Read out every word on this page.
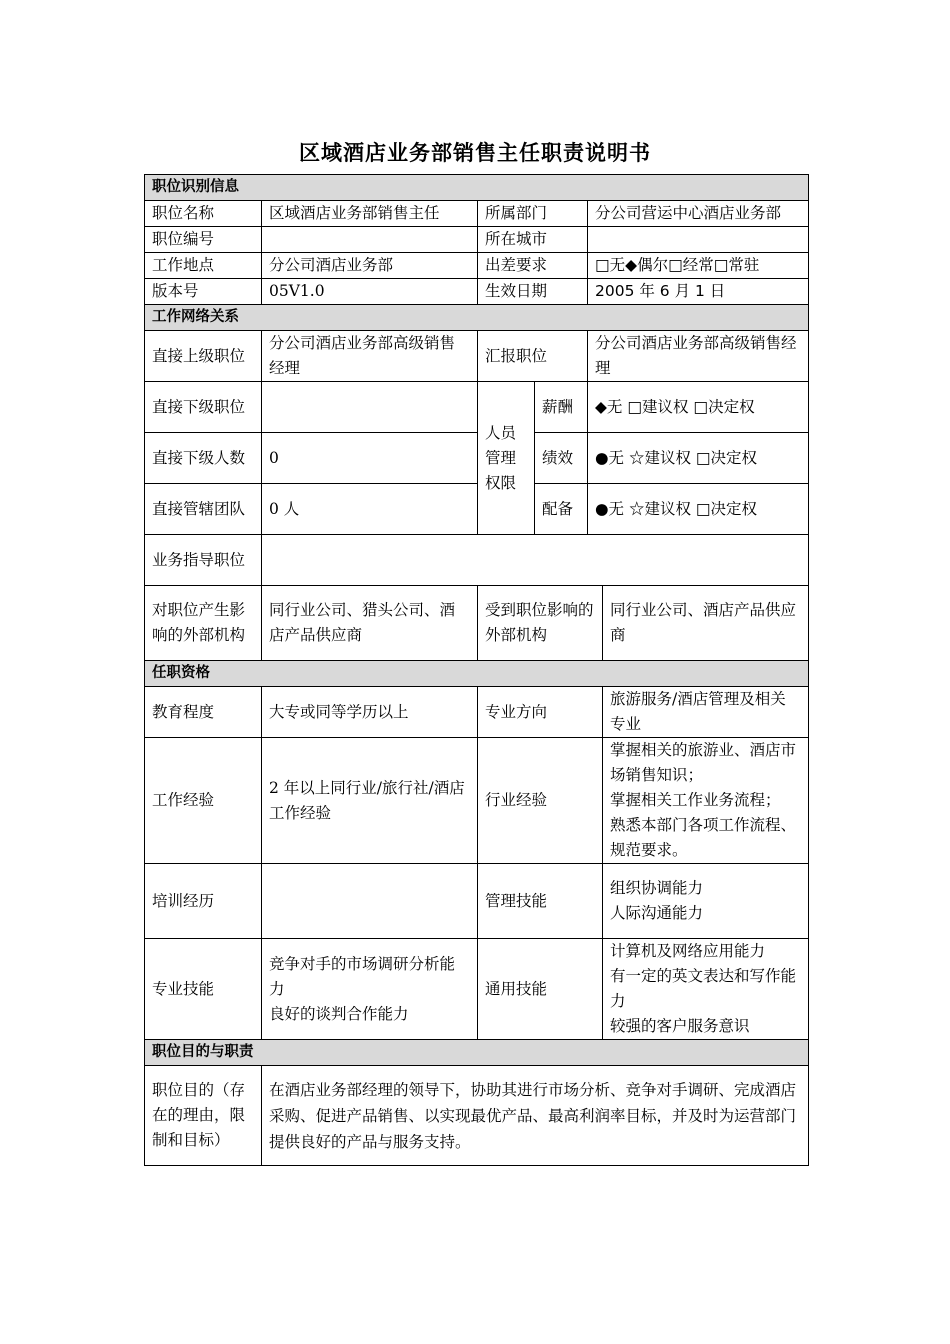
区域酒店业务部销售主任职责说明书
职位识别信息					
职位名称	区域酒店业务部销售主任	所属部门		分公司营运中心酒店业务部	
职位编号		所在城市			
工作地点	分公司酒店业务部	出差要求		□无◆偶尔□经常□常驻	
版本号	05V1.0	生效日期		2005 年 6 月 1 日	
工作网络关系					
直接上级职位	分公司酒店业务部高级销售经理	汇报职位		分公司酒店业务部高级销售经理	
直接下级职位		人员管理权限	薪酬	◆无 □建议权 □决定权	
直接下级人数	0		绩效	●无 ☆建议权 □决定权	
直接管辖团队	0 人		配备	●无 ☆建议权 □决定权	
业务指导职位					
对职位产生影响的外部机构	同行业公司、猎头公司、酒店产品供应商	受到职位影响的外部机构			同行业公司、酒店产品供应商
任职资格					
教育程度	大专或同等学历以上	专业方向			旅游服务/酒店管理及相关专业
工作经验	2 年以上同行业/旅行社/酒店工作经验	行业经验			掌握相关的旅游业、酒店市场销售知识；
掌握相关工作业务流程；
熟悉本部门各项工作流程、规范要求。

培训经历		管理技能			组织协调能力
人际沟通能力

专业技能	竞争对手的市场调研分析能力
良好的谈判合作能力	通用技能			计算机及网络应用能力
有一定的英文表达和写作能力
较强的客户服务意识

职位目的与职责					
职位目的（存在的理由，限制和目标）	在酒店业务部经理的领导下，协助其进行市场分析、竞争对手调研、完成酒店采购、促进产品销售、以实现最优产品、最高利润率目标，并及时为运营部门提供良好的产品与服务支持。				
